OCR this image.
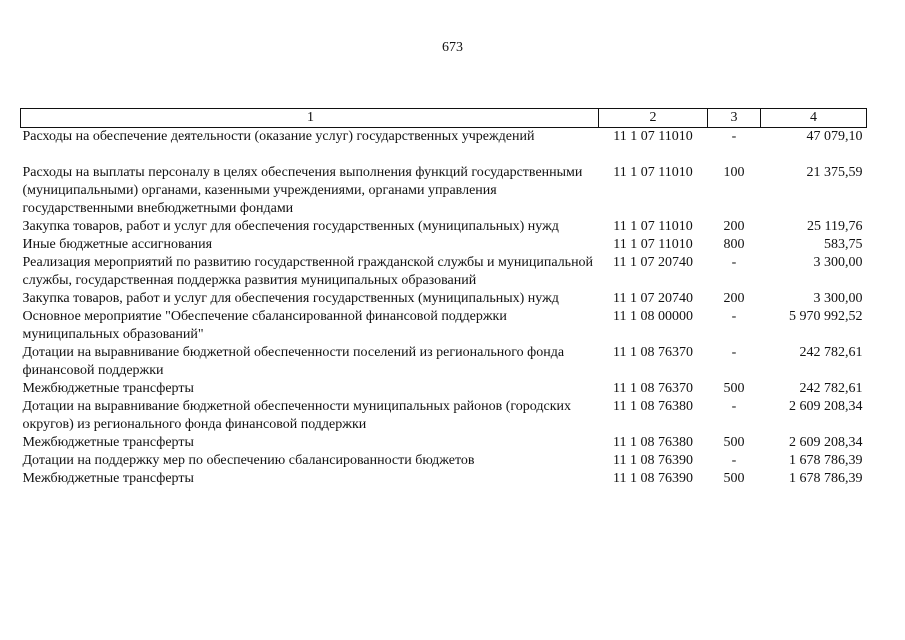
673
1	2	3	4
Расходы на обеспечение деятельности (оказание услуг) государственных учреждений	11 1 07 11010	-	47 079,10

Расходы на выплаты персоналу в целях обеспечения выполнения функций государственными (муниципальными) органами, казенными учреждениями, органами управления государственными внебюджетными фондами	11 1 07 11010	100	21 375,59
Закупка товаров, работ и услуг для обеспечения государственных (муниципальных) нужд	11 1 07 11010	200	25 119,76
Иные бюджетные ассигнования	11 1 07 11010	800	583,75
Реализация мероприятий по развитию государственной гражданской службы и муниципальной службы, государственная поддержка развития муниципальных образований	11 1 07 20740	-	3 300,00
Закупка товаров, работ и услуг для обеспечения государственных (муниципальных) нужд	11 1 07 20740	200	3 300,00
Основное мероприятие "Обеспечение сбалансированной финансовой поддержки муниципальных образований"	11 1 08 00000	-	5 970 992,52
Дотации на выравнивание бюджетной обеспеченности поселений из регионального фонда финансовой поддержки	11 1 08 76370	-	242 782,61
Межбюджетные трансферты	11 1 08 76370	500	242 782,61
Дотации на выравнивание бюджетной обеспеченности муниципальных районов (городских округов) из регионального фонда финансовой поддержки	11 1 08 76380	-	2 609 208,34
Межбюджетные трансферты	11 1 08 76380	500	2 609 208,34
Дотации на поддержку мер по обеспечению сбалансированности бюджетов	11 1 08 76390	-	1 678 786,39
Межбюджетные трансферты	11 1 08 76390	500	1 678 786,39
